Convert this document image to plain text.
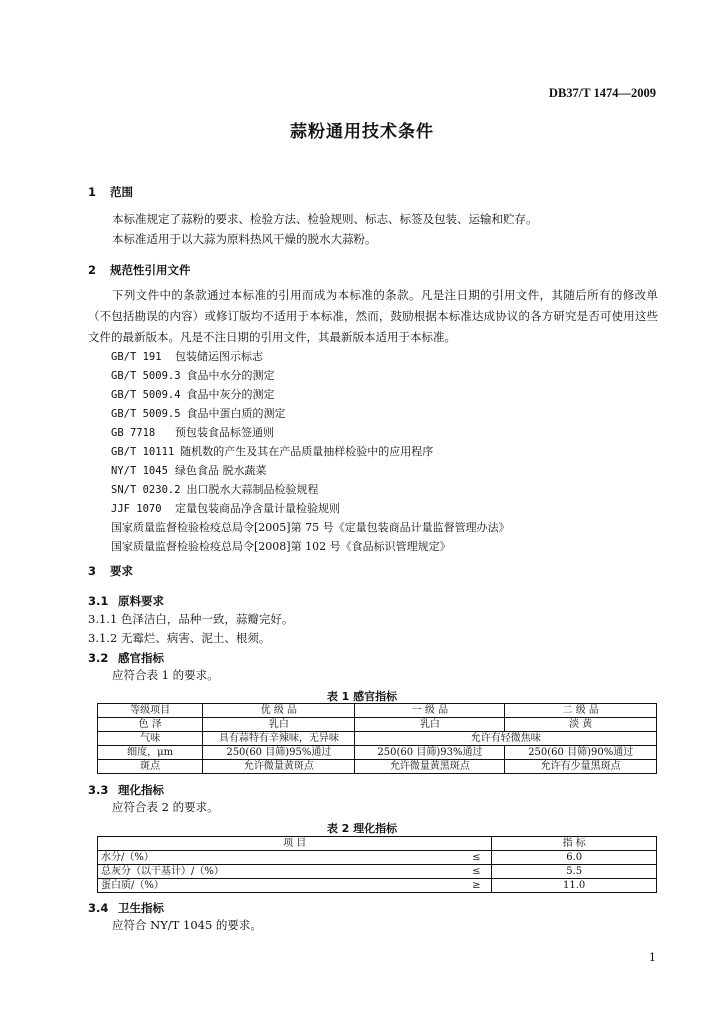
DB37/T 1474—2009
蒜粉通用技术条件
1 范围
本标准规定了蒜粉的要求、检验方法、检验规则、标志、标签及包装、运输和贮存。
本标准适用于以大蒜为原料热风干燥的脱水大蒜粉。
2 规范性引用文件
下列文件中的条款通过本标准的引用而成为本标准的条款。凡是注日期的引用文件，其随后所有的修改单（不包括勘误的内容）或修订版均不适用于本标准，然而，鼓励根据本标准达成协议的各方研究是否可使用这些文件的最新版本。凡是不注日期的引用文件，其最新版本适用于本标准。
GB/T 191 包装储运图示标志
GB/T 5009.3 食品中水分的测定
GB/T 5009.4 食品中灰分的测定
GB/T 5009.5 食品中蛋白质的测定
GB 7718 预包装食品标签通则
GB/T 10111 随机数的产生及其在产品质量抽样检验中的应用程序
NY/T 1045 绿色食品 脱水蔬菜
SN/T 0230.2 出口脱水大蒜制品检验规程
JJF 1070 定量包装商品净含量计量检验规则
国家质量监督检验检疫总局令[2005]第 75 号《定量包装商品计量监督管理办法》
国家质量监督检验检疫总局令[2008]第 102 号《食品标识管理规定》
3 要求
3.1 原料要求
3.1.1 色泽洁白，品种一致，蒜瓣完好。
3.1.2 无霉烂、病害、泥土、根须。
3.2 感官指标
应符合表 1 的要求。
表 1 感官指标
等级项目	优 级 品	一 级 品	二 级 品
色 泽	乳白	乳白	淡 黄
气味	具有蒜特有辛辣味，无异味	允许有轻微焦味	
细度，μm	250(60 目筛)95%通过	250(60 目筛)93%通过	250(60 目筛)90%通过
斑点	允许微量黄斑点	允许微量黄黑斑点	允许有少量黑斑点
3.3 理化指标
应符合表 2 的要求。
表 2 理化指标
项 目		指 标
水分/（%）	≤	6.0
总灰分（以干基计）/（%）	≤	5.5
蛋白质/（%）	≥	11.0
3.4 卫生指标
应符合 NY/T 1045 的要求。
1
